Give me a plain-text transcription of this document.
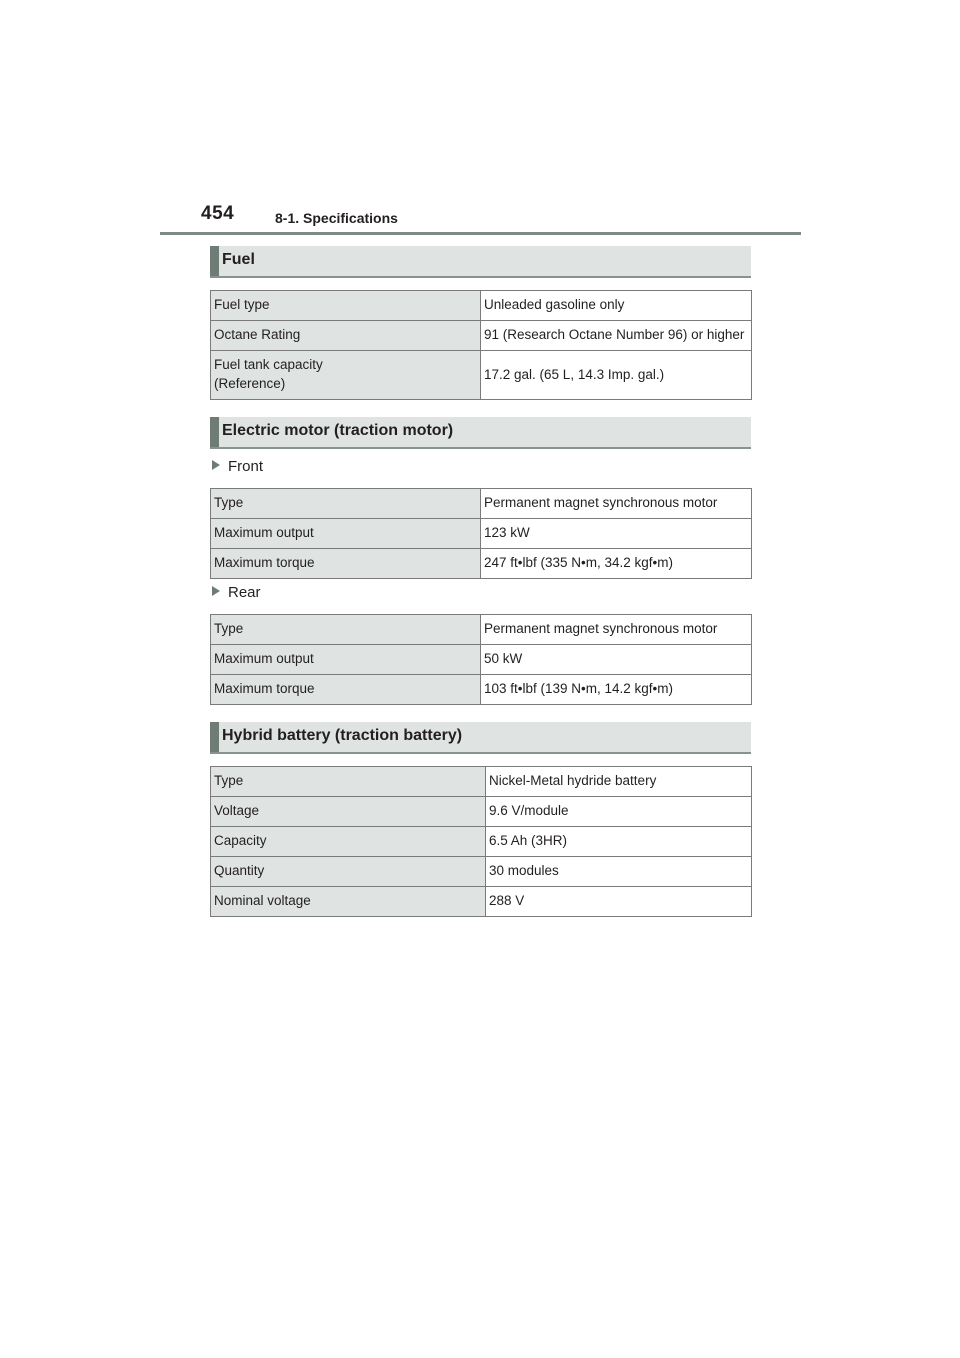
454	8-1. Specifications
Fuel
Fuel type	Unleaded gasoline only
Octane Rating	91 (Research Octane Number 96) or higher

Fuel tank capacity
(Reference)	17.2 gal. (65 L, 14.3 Imp. gal.)
Electric motor (traction motor)
Front
Type	Permanent magnet synchronous motor
Maximum output	123 kW
Maximum torque	247 ft•lbf (335 N•m, 34.2 kgf•m)
Rear
Type	Permanent magnet synchronous motor
Maximum output	50 kW
Maximum torque	103 ft•lbf (139 N•m, 14.2 kgf•m)
Hybrid battery (traction battery)
Type	Nickel-Metal hydride battery
Voltage	9.6 V/module
Capacity	6.5 Ah (3HR)
Quantity	30 modules
Nominal voltage	288 V
